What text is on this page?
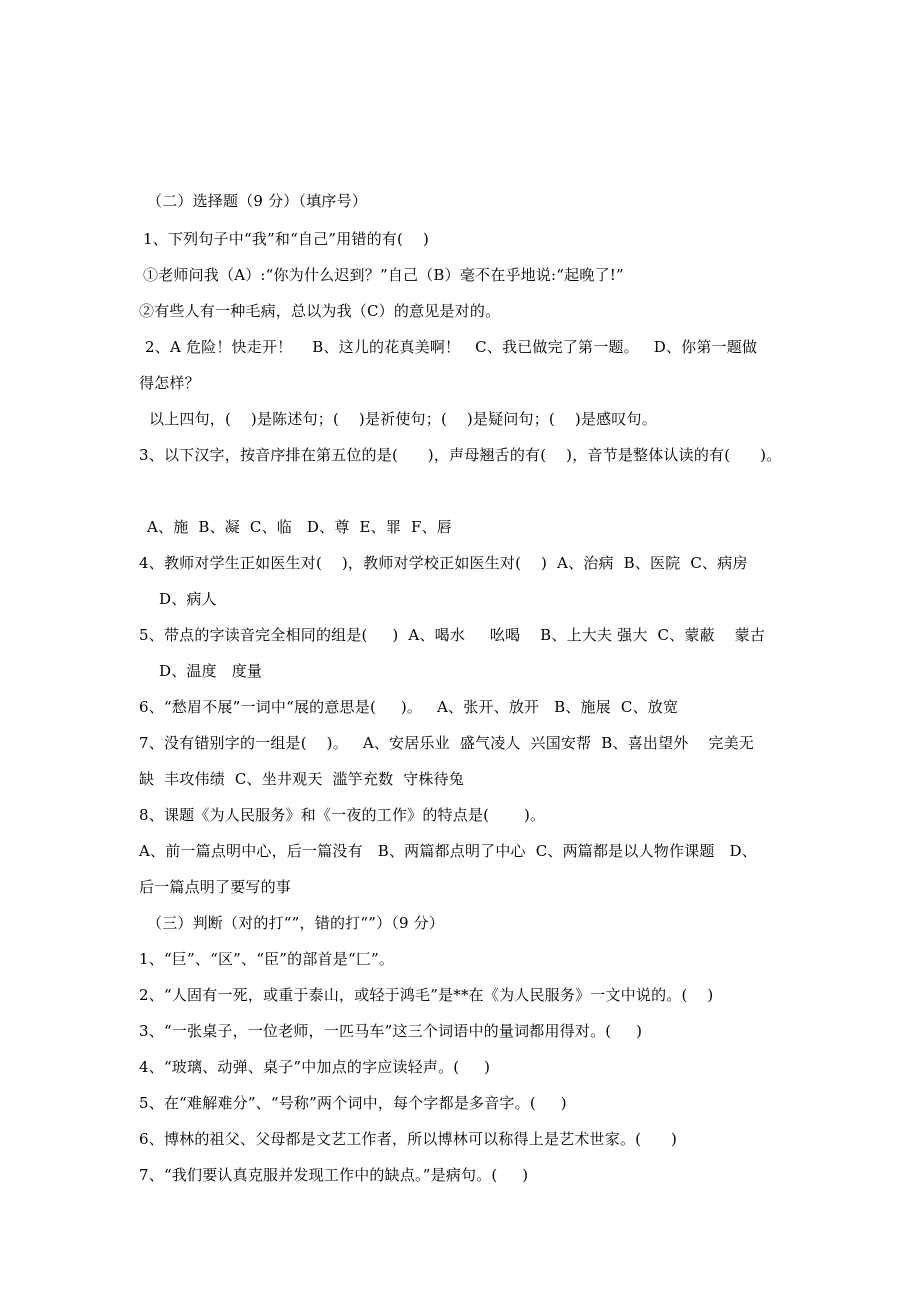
（二）选择题（9 分）（填序号）
1、下列句子中“我”和“自己”用错的有(    )
①老师问我（A）:“你为什么迟到？”自己（B）毫不在乎地说:“起晚了!”
②有些人有一种毛病，总以为我（C）的意见是对的。
2、A 危险！快走开！    B、这儿的花真美啊！   C、我已做完了第一题。   D、你第一题做
得怎样？
以上四句，(    )是陈述句；(    )是祈使句；(    )是疑问句；(    )是感叹句。
3、以下汉字，按音序排在第五位的是(      )，声母翘舌的有(    )，音节是整体认读的有(      )。
A、施  B、凝  C、临   D、尊  E、罪  F、唇
4、教师对学生正如医生对(    )，教师对学校正如医生对(    )  A、治病  B、医院  C、病房
D、病人
5、带点的字读音完全相同的组是(     )  A、喝水     吆喝    B、上大夫 强大  C、蒙蔽    蒙古
D、温度   度量
6、“愁眉不展”一词中“展的意思是(     )。   A、张开、放开   B、施展  C、放宽
7、没有错别字的一组是(    )。   A、安居乐业  盛气凌人  兴国安帮  B、喜出望外    完美无
缺  丰攻伟绩  C、坐井观天  滥竽充数  守株待兔
8、课题《为人民服务》和《一夜的工作》的特点是(       )。
A、前一篇点明中心，后一篇没有   B、两篇都点明了中心  C、两篇都是以人物作课题   D、
后一篇点明了要写的事
（三）判断（对的打“”，错的打“”）（9 分）
1、“巨”、“区”、“臣”的部首是“匚”。
2、“人固有一死，或重于泰山，或轻于鸿毛”是**在《为人民服务》一文中说的。(    )
3、“一张桌子，一位老师，一匹马车”这三个词语中的量词都用得对。(     )
4、“玻璃、动弹、桌子”中加点的字应读轻声。(     )
5、在“难解难分”、“号称”两个词中，每个字都是多音字。(     )
6、博林的祖父、父母都是文艺工作者，所以博林可以称得上是艺术世家。(      )
7、“我们要认真克服并发现工作中的缺点。”是病句。(     )
